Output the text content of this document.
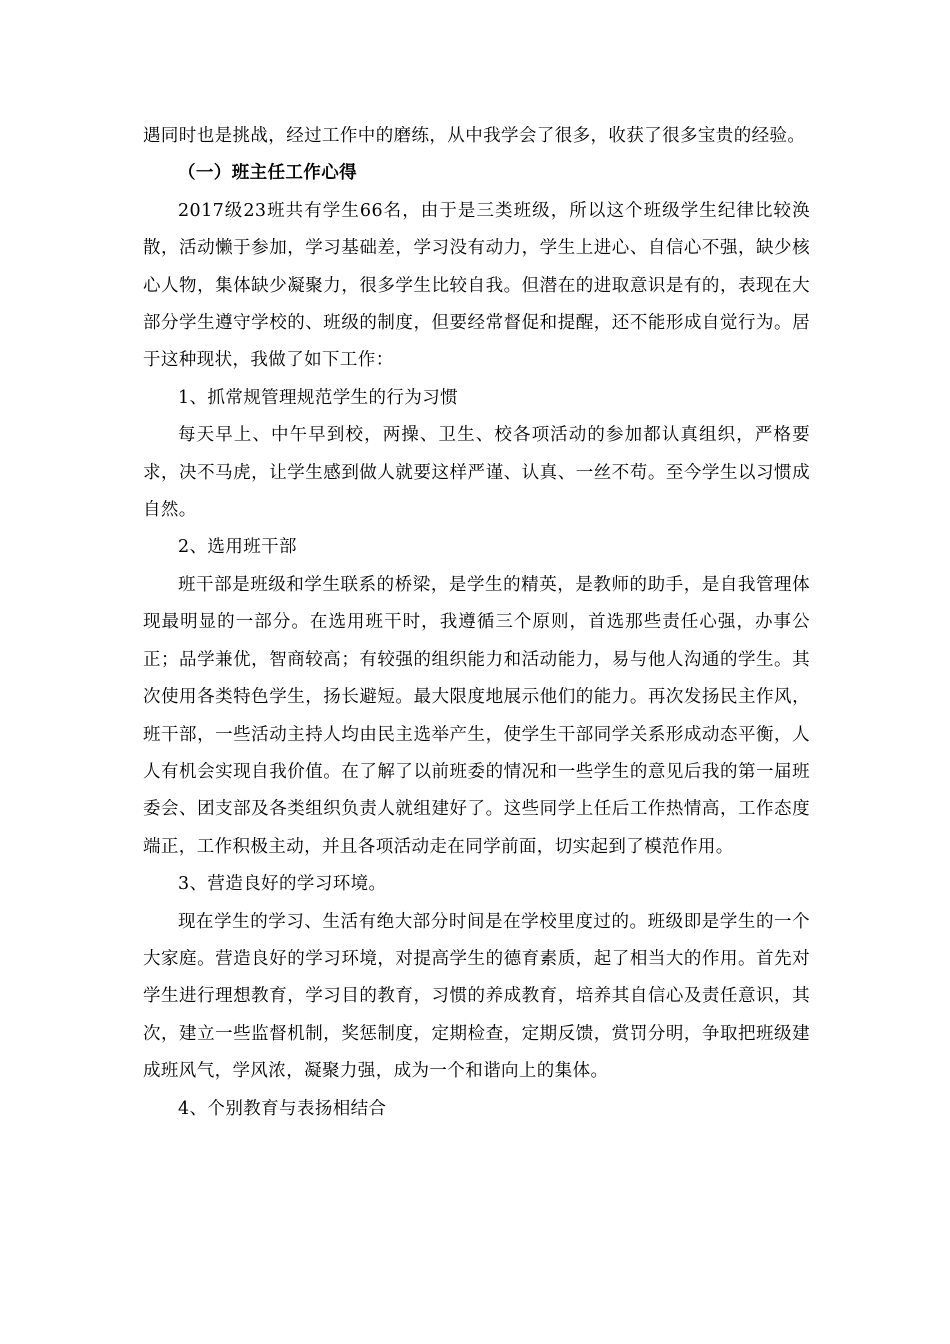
遇同时也是挑战，经过工作中的磨练，从中我学会了很多，收获了很多宝贵的经验。

（一）班主任工作心得

2017级23班共有学生66名，由于是三类班级，所以这个班级学生纪律比较涣散，活动懒于参加，学习基础差，学习没有动力，学生上进心、自信心不强，缺少核心人物，集体缺少凝聚力，很多学生比较自我。但潜在的进取意识是有的，表现在大部分学生遵守学校的、班级的制度，但要经常督促和提醒，还不能形成自觉行为。居于这种现状，我做了如下工作：

1、抓常规管理规范学生的行为习惯

每天早上、中午早到校，两操、卫生、校各项活动的参加都认真组织，严格要求，决不马虎，让学生感到做人就要这样严谨、认真、一丝不苟。至今学生以习惯成自然。

2、选用班干部

班干部是班级和学生联系的桥梁，是学生的精英，是教师的助手，是自我管理体现最明显的一部分。在选用班干时，我遵循三个原则，首选那些责任心强，办事公正；品学兼优，智商较高；有较强的组织能力和活动能力，易与他人沟通的学生。其次使用各类特色学生，扬长避短。最大限度地展示他们的能力。再次发扬民主作风，班干部，一些活动主持人均由民主选举产生，使学生干部同学关系形成动态平衡，人人有机会实现自我价值。在了解了以前班委的情况和一些学生的意见后我的第一届班委会、团支部及各类组织负责人就组建好了。这些同学上任后工作热情高，工作态度端正，工作积极主动，并且各项活动走在同学前面，切实起到了模范作用。

3、营造良好的学习环境。

现在学生的学习、生活有绝大部分时间是在学校里度过的。班级即是学生的一个大家庭。营造良好的学习环境，对提高学生的德育素质，起了相当大的作用。首先对学生进行理想教育，学习目的教育，习惯的养成教育，培养其自信心及责任意识，其次，建立一些监督机制，奖惩制度，定期检查，定期反馈，赏罚分明，争取把班级建成班风气，学风浓，凝聚力强，成为一个和谐向上的集体。

4、个别教育与表扬相结合
